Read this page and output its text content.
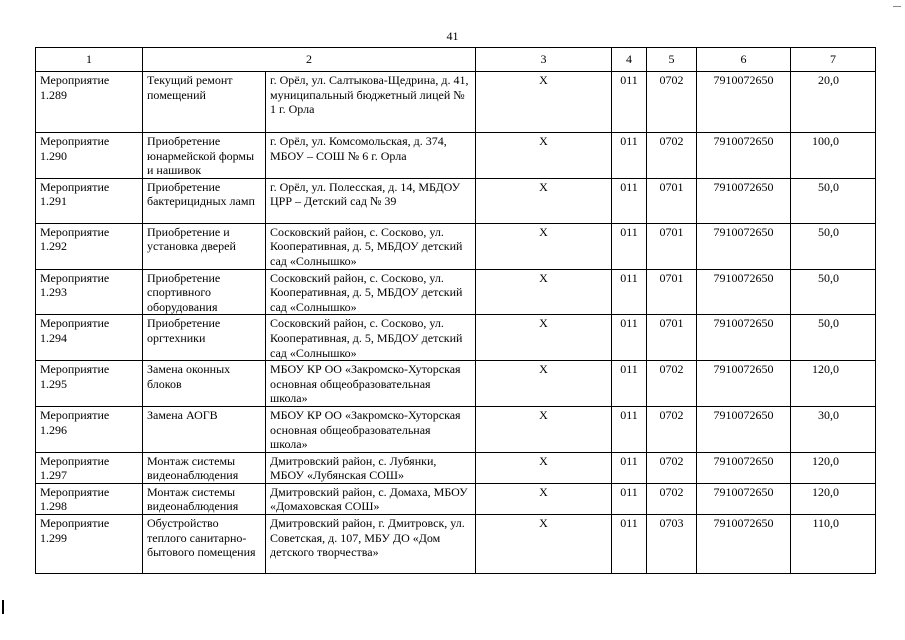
41
1	2		3	4	5	6	7
Мероприятие 1.289	Текущий ремонт помещений	г. Орёл, ул. Салтыкова-Щедрина, д. 41, муниципальный бюджетный лицей № 1 г. Орла	X	011	0702	7910072650	20,0
Мероприятие 1.290	Приобретение юнармейской формы и нашивок	г. Орёл, ул. Комсомольская, д. 374, МБОУ – СОШ № 6 г. Орла	X	011	0702	7910072650	100,0
Мероприятие 1.291	Приобретение бактерицидных ламп	г. Орёл, ул. Полесская, д. 14, МБДОУ ЦРР – Детский сад № 39	X	011	0701	7910072650	50,0
Мероприятие 1.292	Приобретение и установка дверей	Сосковский район, с. Сосково, ул. Кооперативная, д. 5, МБДОУ детский сад «Солнышко»	X	011	0701	7910072650	50,0
Мероприятие 1.293	Приобретение спортивного оборудования	Сосковский район, с. Сосково, ул. Кооперативная, д. 5, МБДОУ детский сад «Солнышко»	X	011	0701	7910072650	50,0
Мероприятие 1.294	Приобретение оргтехники	Сосковский район, с. Сосково, ул. Кооперативная, д. 5, МБДОУ детский сад «Солнышко»	X	011	0701	7910072650	50,0
Мероприятие 1.295	Замена оконных блоков	МБОУ КР ОО «Закромско-Хуторская основная общеобразовательная школа»	X	011	0702	7910072650	120,0
Мероприятие 1.296	Замена АОГВ	МБОУ КР ОО «Закромско-Хуторская основная общеобразовательная школа»	X	011	0702	7910072650	30,0
Мероприятие 1.297	Монтаж системы видеонаблюдения	Дмитровский район, с. Лубянки, МБОУ «Лубянская СОШ»	X	011	0702	7910072650	120,0
Мероприятие 1.298	Монтаж системы видеонаблюдения	Дмитровский район, с. Домаха, МБОУ «Домаховская СОШ»	X	011	0702	7910072650	120,0
Мероприятие 1.299	Обустройство теплого санитарно-бытового помещения	Дмитровский район, г. Дмитровск, ул. Советская, д. 107, МБУ ДО «Дом детского творчества»	X	011	0703	7910072650	110,0
